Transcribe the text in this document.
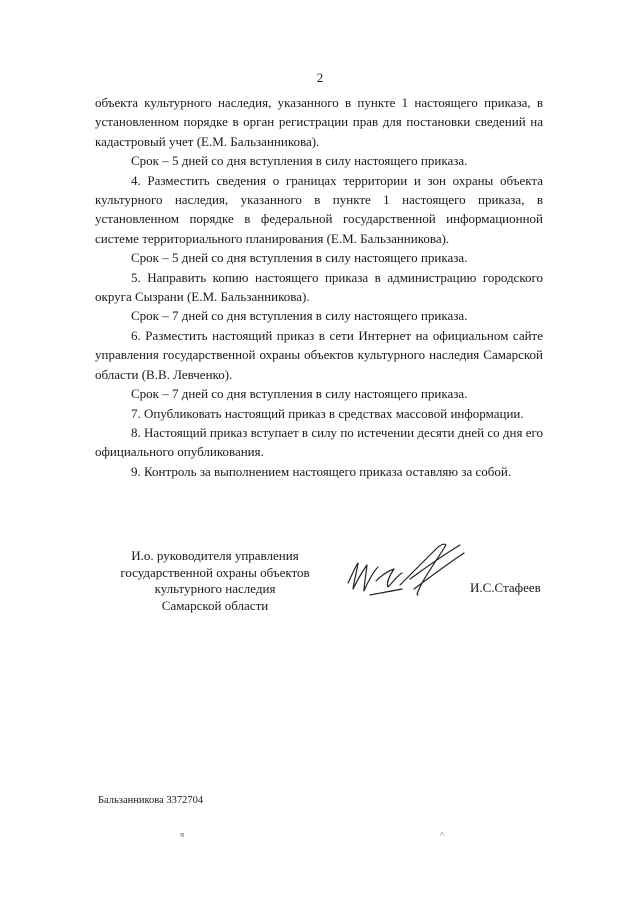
2

объекта культурного наследия, указанного в пункте 1 настоящего приказа, в установленном порядке в орган регистрации прав для постановки сведений на кадастровый учет (Е.М. Бальзанникова).

Срок – 5 дней со дня вступления в силу настоящего приказа.

4. Разместить сведения о границах территории и зон охраны объекта культурного наследия, указанного в пункте 1 настоящего приказа, в установленном порядке в федеральной государственной информационной системе территориального планирования (Е.М. Бальзанникова).

Срок – 5 дней со дня вступления в силу настоящего приказа.

5. Направить копию настоящего приказа в администрацию городского округа Сызрани (Е.М. Бальзанникова).

Срок – 7 дней со дня вступления в силу настоящего приказа.

6. Разместить настоящий приказ в сети Интернет на официальном сайте управления государственной охраны объектов культурного наследия Самарской области (В.В. Левченко).

Срок – 7 дней со дня вступления в силу настоящего приказа.

7. Опубликовать настоящий приказ в средствах массовой информации.

8. Настоящий приказ вступает в силу по истечении десяти дней со дня его официального опубликования.

9. Контроль за выполнением настоящего приказа оставляю за собой.

И.о. руководителя управления
государственной охраны объектов
культурного наследия
Самарской области
И.С.Стафеев
Бальзанникова 3372704
ч	^
